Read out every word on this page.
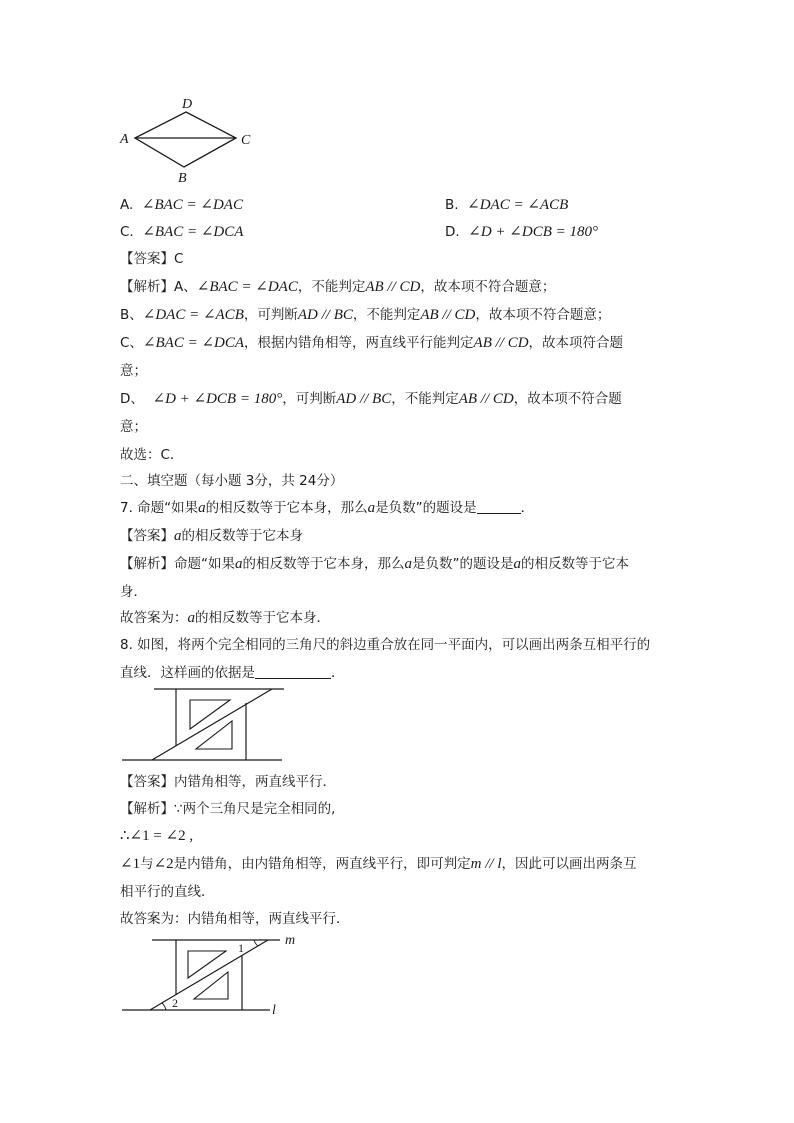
D
A	C
B
A. ∠BAC = ∠DAC	B. ∠DAC = ∠ACB
C. ∠BAC = ∠DCA	D. ∠D + ∠DCB = 180°
【答案】C
【解析】A、∠BAC = ∠DAC，不能判定AB // CD，故本项不符合题意；
B、∠DAC = ∠ACB，可判断AD // BC，不能判定AB // CD，故本项不符合题意；
C、∠BAC = ∠DCA，根据内错角相等，两直线平行能判定AB // CD，故本项符合题
意；
D、 ∠D + ∠DCB = 180°，可判断AD // BC，不能判定AB // CD，故本项不符合题
意；
故选：C．
二、填空题（每小题 3分，共 24分）
7. 命题“如果a的相反数等于它本身，那么a是负数”的题设是	．
【答案】a的相反数等于它本身
【解析】命题“如果a的相反数等于它本身，那么a是负数”的题设是a的相反数等于它本
身．
故答案为：a的相反数等于它本身．
8. 如图，将两个完全相同的三角尺的斜边重合放在同一平面内，可以画出两条互相平行的
直线．这样画的依据是	．
【答案】内错角相等，两直线平行．
【解析】∵两个三角尺是完全相同的,
∴∠1 = ∠2 ,
∠1与∠2是内错角，由内错角相等，两直线平行，即可判定m // l，因此可以画出两条互
相平行的直线．
故答案为：内错角相等，两直线平行．
1
2
m
l
